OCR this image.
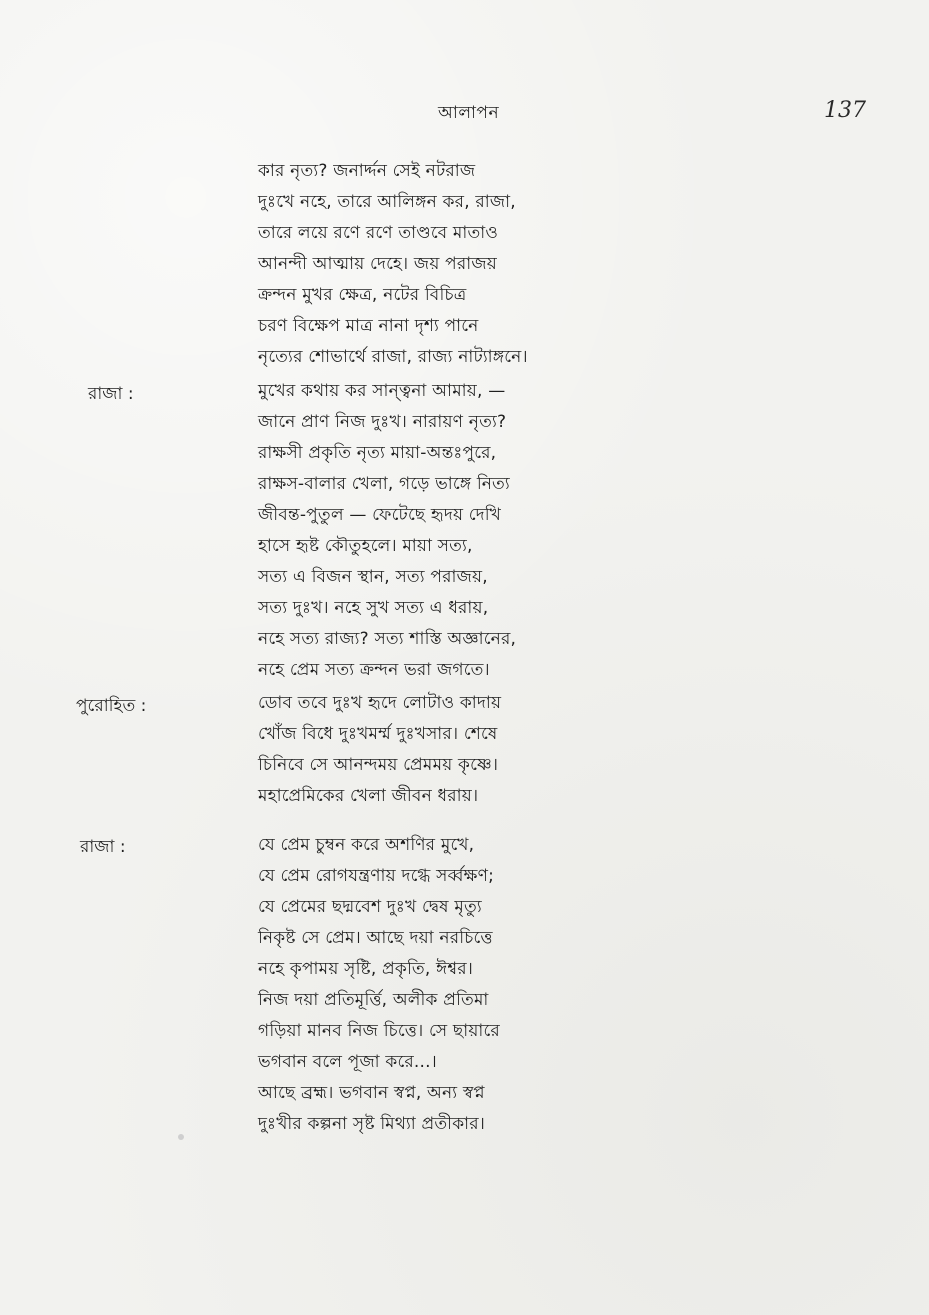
আলাপন	137
কার নৃত্য? জনার্দ্দন সেই নটরাজ
দুঃখে নহে, তারে আলিঙ্গন কর, রাজা,
তারে লয়ে রণে রণে তাণ্ডবে মাতাও
আনন্দী আত্মায় দেহে। জয় পরাজয়
ক্রন্দন মুখর ক্ষেত্র, নটের বিচিত্র
চরণ বিক্ষেপ মাত্র নানা দৃশ্য পানে
নৃত্যের শোভার্থে রাজা, রাজ্য নাট্যাঙ্গনে।
রাজা :	মুখের কথায় কর সান্ত্বনা আমায়, —
জানে প্রাণ নিজ দুঃখ। নারায়ণ নৃত্য?
রাক্ষসী প্রকৃতি নৃত্য মায়া-অন্তঃপুরে,
রাক্ষস-বালার খেলা, গড়ে ভাঙ্গে নিত্য
জীবন্ত-পুতুল — ফেটেছে হৃদয় দেখি
হাসে হৃষ্ট কৌতুহলে। মায়া সত্য,
সত্য এ বিজন স্থান, সত্য পরাজয়,
সত্য দুঃখ। নহে সুখ সত্য এ ধরায়,
নহে সত্য রাজ্য? সত্য শাস্তি অজ্ঞানের,
নহে প্রেম সত্য ক্রন্দন ভরা জগতে।
পুরোহিত :	ডোব তবে দুঃখ হৃদে লোটাও কাদায়
খোঁজ বিধে দুঃখমর্ম্ম দুঃখসার। শেষে
চিনিবে সে আনন্দময় প্রেমময় কৃষ্ণে।
মহাপ্রেমিকের খেলা জীবন ধরায়।
রাজা :	যে প্রেম চুম্বন করে অশণির মুখে,
যে প্রেম রোগযন্ত্রণায় দগ্ধে সর্ব্বক্ষণ;
যে প্রেমের ছদ্মবেশ দুঃখ দ্বেষ মৃত্যু
নিকৃষ্ট সে প্রেম। আছে দয়া নরচিত্তে
নহে কৃপাময় সৃষ্টি, প্রকৃতি, ঈশ্বর।
নিজ দয়া প্রতিমূর্ত্তি, অলীক প্রতিমা
গড়িয়া মানব নিজ চিত্তে। সে ছায়ারে
ভগবান বলে পূজা করে...।
আছে ব্রহ্ম। ভগবান স্বপ্ন, অন্য স্বপ্ন
দুঃখীর কল্পনা সৃষ্ট মিথ্যা প্রতীকার।
